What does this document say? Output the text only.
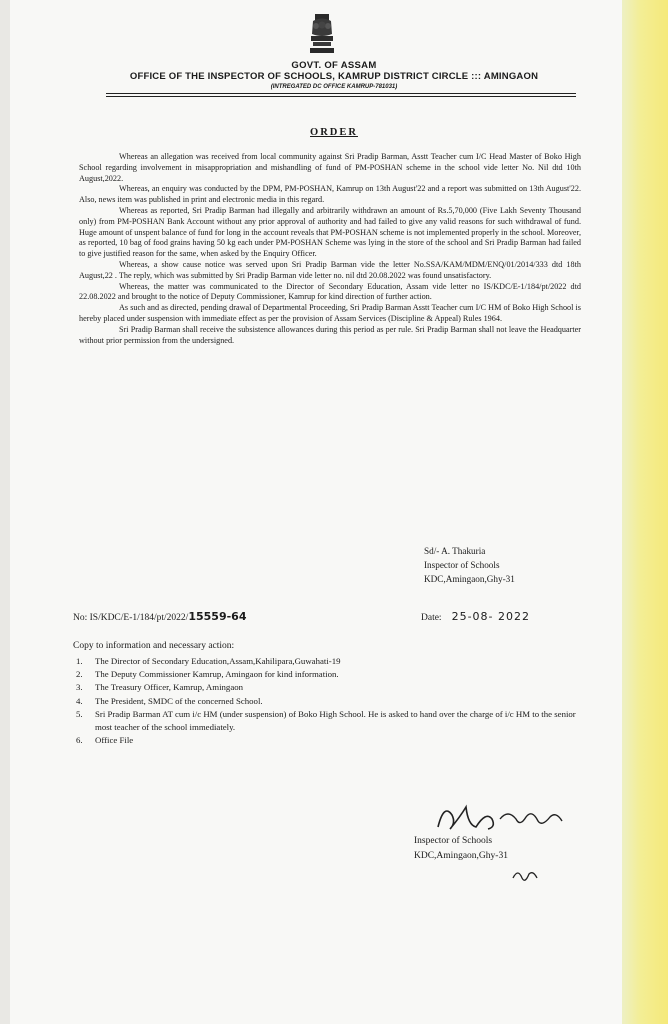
GOVT. OF ASSAM
OFFICE OF THE INSPECTOR OF SCHOOLS, KAMRUP DISTRICT CIRCLE ::: AMINGAON
(INTREGATED DC OFFICE KAMRUP-781031)
ORDER

Whereas an allegation was received from local community against Sri Pradip Barman, Asstt Teacher cum I/C Head Master of Boko High School regarding involvement in misappropriation and mishandling of fund of PM-POSHAN scheme in the school vide letter No. Nil dtd 10th August,2022.

Whereas, an enquiry was conducted by the DPM, PM-POSHAN, Kamrup on 13th August'22 and a report was submitted on 13th August'22. Also, news item was published in print and electronic media in this regard.

Whereas as reported, Sri Pradip Barman had illegally and arbitrarily withdrawn an amount of Rs.5,70,000 (Five Lakh Seventy Thousand only) from PM-POSHAN Bank Account without any prior approval of authority and had failed to give any valid reasons for such withdrawal of fund. Huge amount of unspent balance of fund for long in the account reveals that PM-POSHAN scheme is not implemented properly in the school. Moreover, as reported, 10 bag of food grains having 50 kg each under PM-POSHAN Scheme was lying in the store of the school and Sri Pradip Barman had failed to give justified reason for the same, when asked by the Enquiry Officer.

Whereas, a show cause notice was served upon Sri Pradip Barman vide the letter No.SSA/KAM/MDM/ENQ/01/2014/333 dtd 18th August,22 . The reply, which was submitted by Sri Pradip Barman vide letter no. nil dtd 20.08.2022 was found unsatisfactory.

Whereas, the matter was communicated to the Director of Secondary Education, Assam vide letter no IS/KDC/E-1/184/pt/2022 dtd 22.08.2022 and brought to the notice of Deputy Commissioner, Kamrup for kind direction of further action.

As such and as directed, pending drawal of Departmental Proceeding, Sri Pradip Barman Asstt Teacher cum I/C HM of Boko High School is hereby placed under suspension with immediate effect as per the provision of Assam Services (Discipline & Appeal) Rules 1964.

Sri Pradip Barman shall receive the subsistence allowances during this period as per rule. Sri Pradip Barman shall not leave the Headquarter without prior permission from the undersigned.

Sd/- A. Thakuria
Inspector of Schools
KDC,Amingaon,Ghy-31
No: IS/KDC/E-1/184/pt/2022/15559-64	Date: 25-08- 2022
Copy to information and necessary action:
1.	The Director of Secondary Education,Assam,Kahilipara,Guwahati-19
2.	The Deputy Commissioner Kamrup, Amingaon for kind information.
3.	The Treasury Officer, Kamrup, Amingaon
4.	The President, SMDC of the concerned School.
5.	Sri Pradip Barman AT cum i/c HM (under suspension) of Boko High School. He is asked to hand over the charge of i/c HM to the senior most teacher of the school immediately.
6.	Office File
Inspector of Schools
KDC,Amingaon,Ghy-31
